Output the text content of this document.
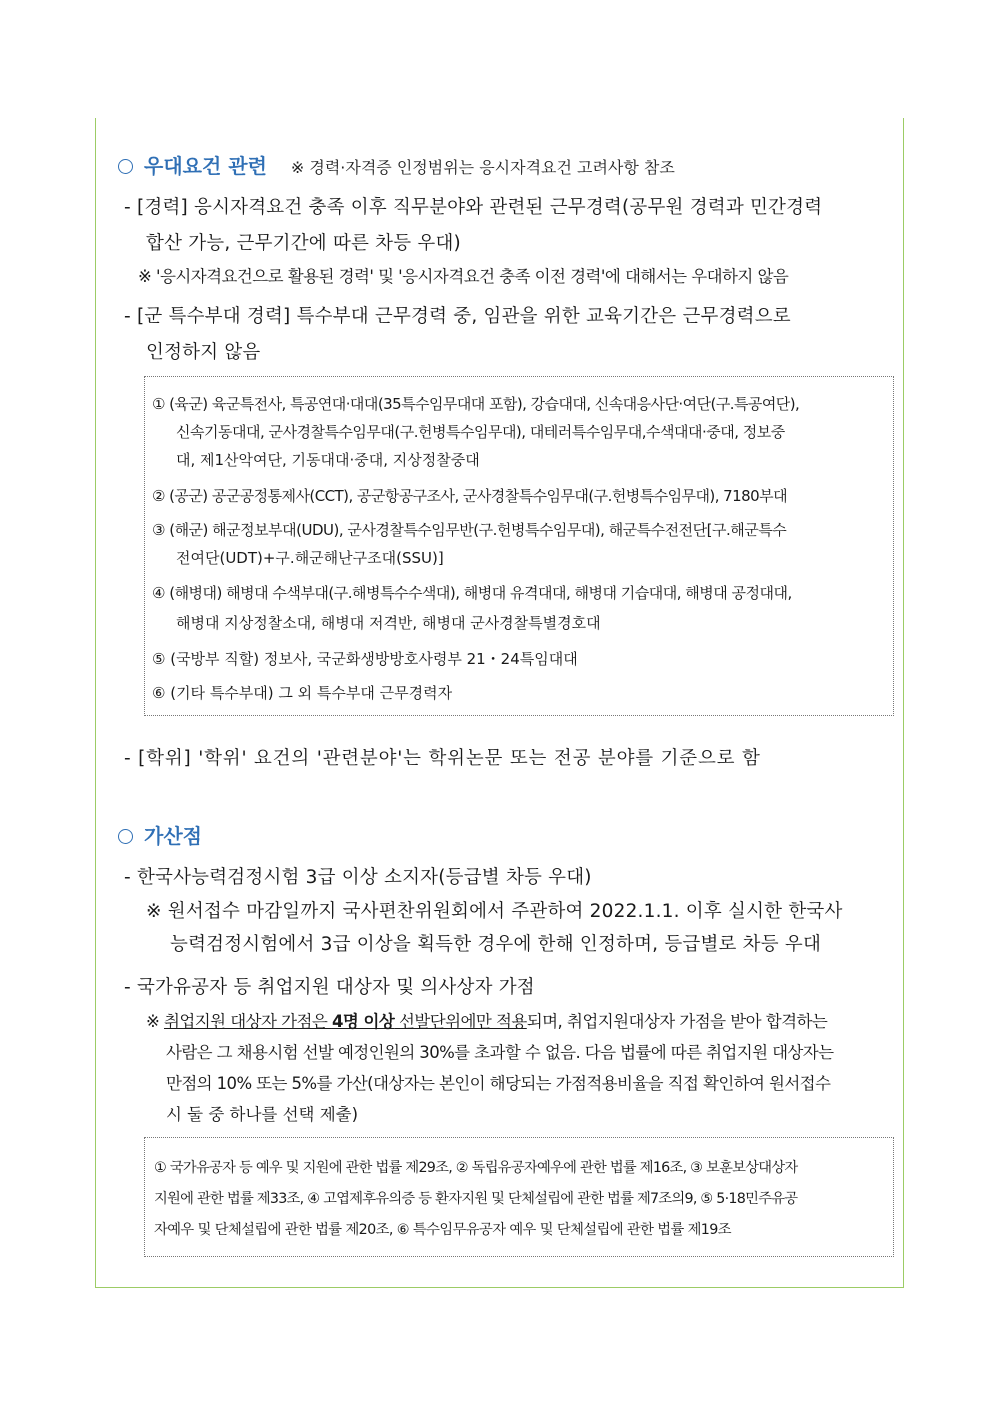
우대요건 관련 ※ 경력·자격증 인정범위는 응시자격요건 고려사항 참조
- [경력] 응시자격요건 충족 이후 직무분야와 관련된 근무경력(공무원 경력과 민간경력
합산 가능, 근무기간에 따른 차등 우대)
※ '응시자격요건으로 활용된 경력' 및 '응시자격요건 충족 이전 경력'에 대해서는 우대하지 않음
- [군 특수부대 경력] 특수부대 근무경력 중, 임관을 위한 교육기간은 근무경력으로
인정하지 않음
① (육군) 육군특전사, 특공연대·대대(35특수임무대대 포함), 강습대대, 신속대응사단·여단(구.특공여단),
신속기동대대, 군사경찰특수임무대(구.헌병특수임무대), 대테러특수임무대,수색대대·중대, 정보중
대, 제1산악여단, 기동대대·중대, 지상정찰중대
② (공군) 공군공정통제사(CCT), 공군항공구조사, 군사경찰특수임무대(구.헌병특수임무대), 7180부대
③ (해군) 해군정보부대(UDU), 군사경찰특수임무반(구.헌병특수임무대), 해군특수전전단[구.해군특수
전여단(UDT)+구.해군해난구조대(SSU)]
④ (해병대) 해병대 수색부대(구.해병특수수색대), 해병대 유격대대, 해병대 기습대대, 해병대 공정대대,
해병대 지상정찰소대, 해병대 저격반, 해병대 군사경찰특별경호대
⑤ (국방부 직할) 정보사, 국군화생방방호사령부 21・24특임대대
⑥ (기타 특수부대) 그 외 특수부대 근무경력자
- [학위] '학위' 요건의 '관련분야'는 학위논문 또는 전공 분야를 기준으로 함
가산점
- 한국사능력검정시험 3급 이상 소지자(등급별 차등 우대)
※ 원서접수 마감일까지 국사편찬위원회에서 주관하여 2022.1.1. 이후 실시한 한국사
능력검정시험에서 3급 이상을 획득한 경우에 한해 인정하며, 등급별로 차등 우대
- 국가유공자 등 취업지원 대상자 및 의사상자 가점
※ 취업지원 대상자 가점은 4명 이상 선발단위에만 적용되며, 취업지원대상자 가점을 받아 합격하는
사람은 그 채용시험 선발 예정인원의 30%를 초과할 수 없음. 다음 법률에 따른 취업지원 대상자는
만점의 10% 또는 5%를 가산(대상자는 본인이 해당되는 가점적용비율을 직접 확인하여 원서접수
시 둘 중 하나를 선택 제출)
① 국가유공자 등 예우 및 지원에 관한 법률 제29조, ② 독립유공자예우에 관한 법률 제16조, ③ 보훈보상대상자
지원에 관한 법률 제33조, ④ 고엽제후유의증 등 환자지원 및 단체설립에 관한 법률 제7조의9, ⑤ 5·18민주유공
자예우 및 단체설립에 관한 법률 제20조, ⑥ 특수임무유공자 예우 및 단체설립에 관한 법률 제19조
